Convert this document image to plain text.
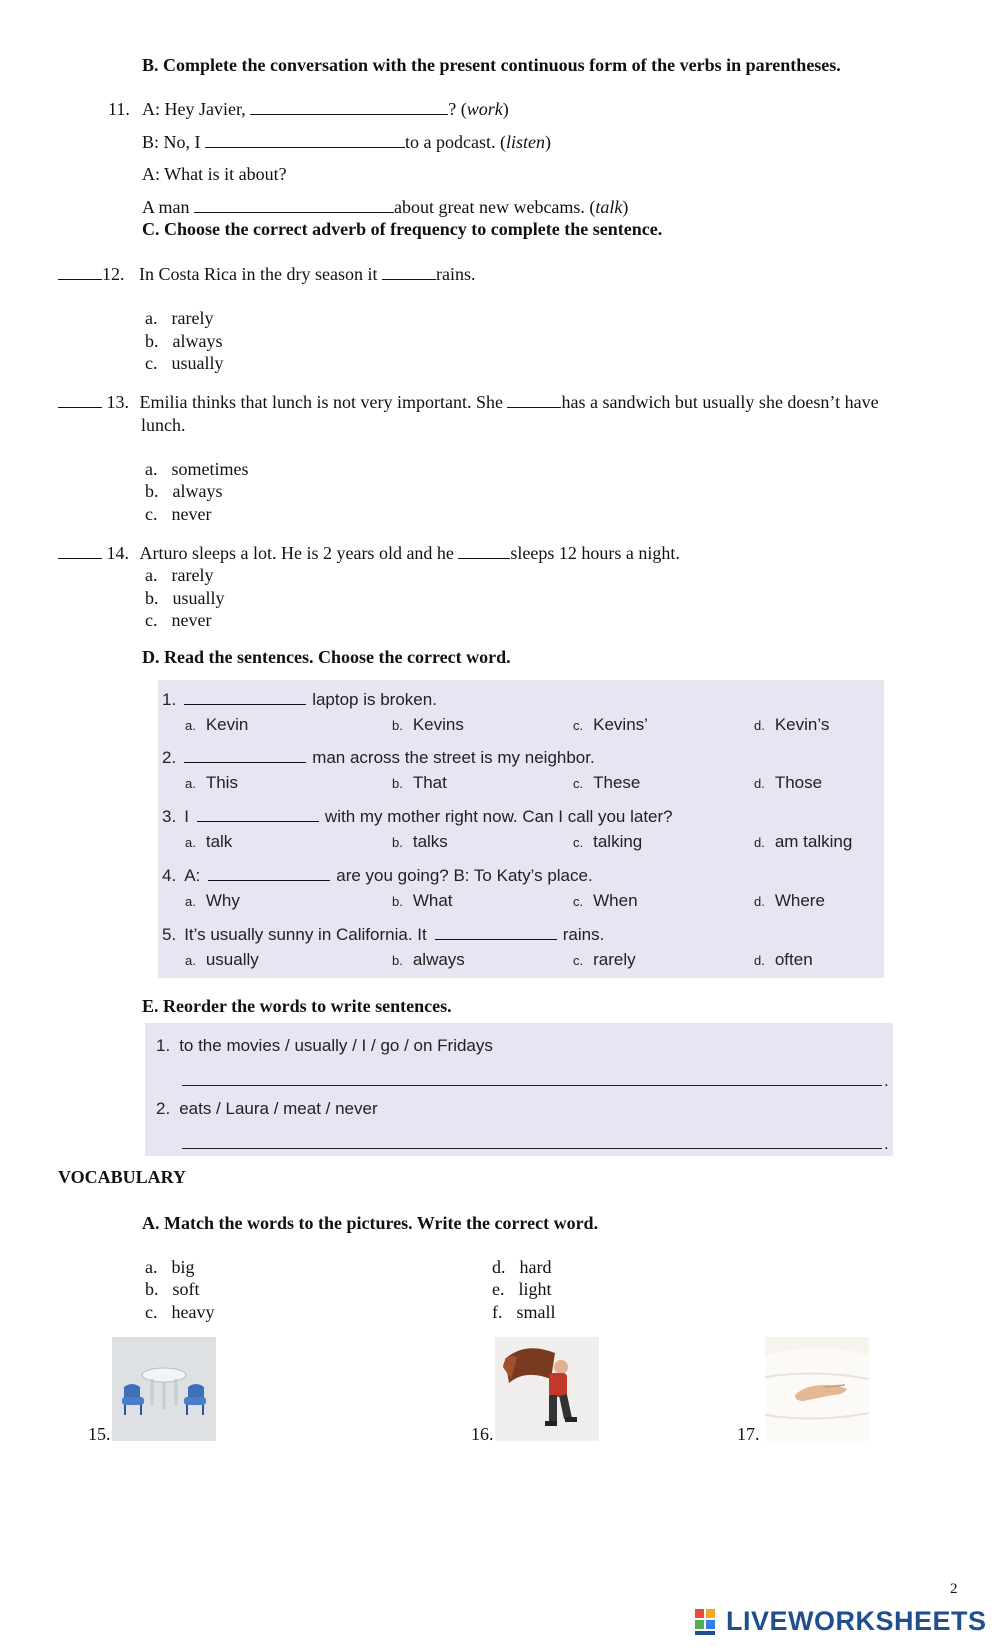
B. Complete the conversation with the present continuous form of the verbs in parentheses.
11. A: Hey Javier,	? (work)
B: No, I	to a podcast. (listen)
A: What is it about?
A man	about great new webcams. (talk)
C. Choose the correct adverb of frequency to complete the sentence.
12. In Costa Rica in the dry season it	rains.
a. rarely
b. always
c. usually
13. Emilia thinks that lunch is not very important. She	has a sandwich but usually she doesn’t have
lunch.
a. sometimes
b. always
c. never
14. Arturo sleeps a lot. He is 2 years old and he	sleeps 12 hours a night.
a. rarely
b. usually
c. never
D. Read the sentences. Choose the correct word.
1.	laptop is broken.
a. Kevin	b. Kevins	c. Kevins’	d. Kevin’s
2.	man across the street is my neighbor.
a. This	b. That	c. These	d. Those
3. I	with my mother right now. Can I call you later?
a. talk	b. talks	c. talking	d. am talking
4. A:	are you going? B: To Katy’s place.
a. Why	b. What	c. When	d. Where
5. It’s usually sunny in California. It	rains.
a. usually	b. always	c. rarely	d. often
E. Reorder the words to write sentences.
1. to the movies / usually / I / go / on Fridays
.
2. eats / Laura / meat / never
.
VOCABULARY
A. Match the words to the pictures. Write the correct word.
a. big
b. soft
c. heavy
d. hard
e. light
f. small
15.	16.	17.
2
LIVEWORKSHEETS
